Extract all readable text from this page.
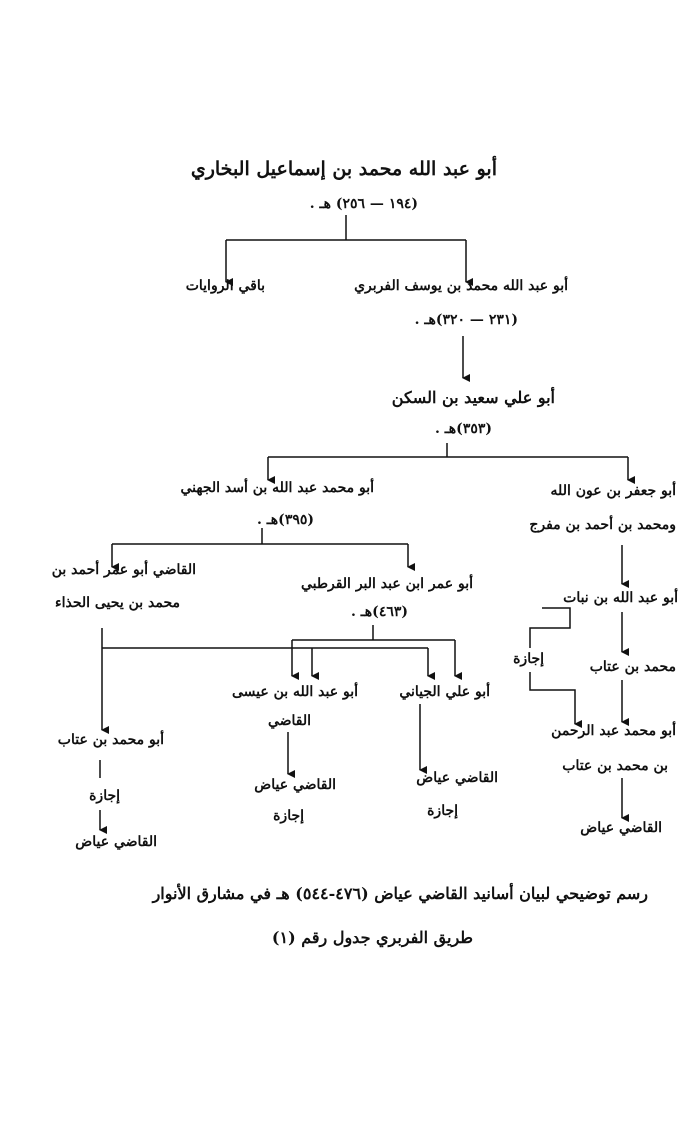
أبو عبد الله محمد بن إسماعيل البخاري
(١٩٤ — ٢٥٦) هـ .
أبو عبد الله محمد بن يوسف الفربري
(٢٣١ — ٣٢٠)هـ .
باقي الروايات
أبو علي سعيد بن السكن
(٣٥٣)هـ .
أبو محمد عبد الله بن أسد الجهني
(٣٩٥)هـ .
أبو جعفر بن عون الله
ومحمد بن أحمد بن مفرج
أبو عمر ابن عبد البر القرطبي
(٤٦٣)هـ .
القاضي أبو عمر أحمد بن
محمد بن يحيى الحذاء	أبو عبد الله بن نبات
أبو علي الجياني
أبو عبد الله بن عيسى
القاضي
أبو محمد بن عتاب
محمد بن عتاب
إجازة
أبو محمد عبد الرحمن
بن محمد بن عتاب
القاضي عياض
القاضي عياض
إجازة
القاضي عياض
إجازة
إجازة
القاضي عياض
رسم توضيحي لبيان أسانيد القاضي عياض (٤٧٦-٥٤٤) هـ في مشارق الأنوار
طريق الفربري جدول رقم (١)
